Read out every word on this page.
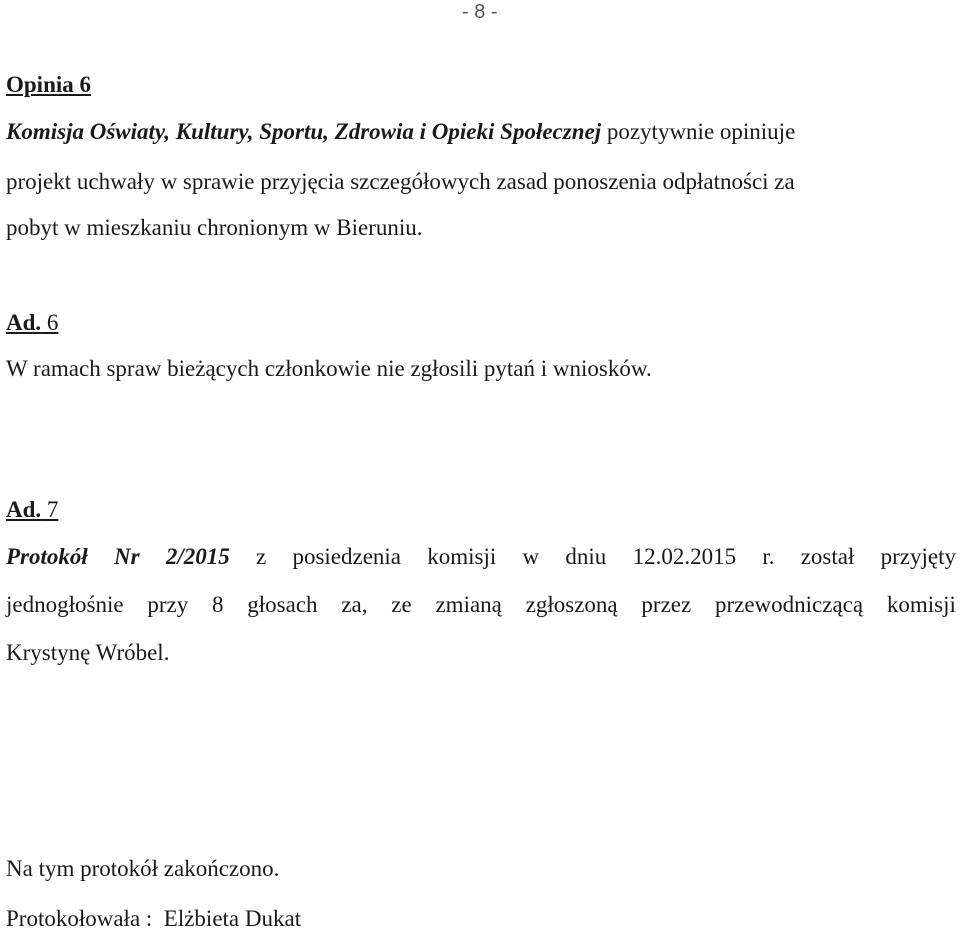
- 8 -
Opinia 6
Komisja Oświaty, Kultury, Sportu, Zdrowia i Opieki Społecznej pozytywnie opiniuje
projekt uchwały w sprawie przyjęcia szczegółowych zasad ponoszenia odpłatności za
pobyt w mieszkaniu chronionym w Bieruniu.
Ad. 6
W ramach spraw bieżących członkowie nie zgłosili pytań i wniosków.
Ad. 7
Protokół Nr 2/2015 z posiedzenia komisji w dniu 12.02.2015 r. został przyjęty
jednogłośnie przy 8 głosach za, ze zmianą zgłoszoną przez przewodniczącą komisji
Krystynę Wróbel.
Na tym protokół zakończono.
Protokołowała :  Elżbieta Dukat
